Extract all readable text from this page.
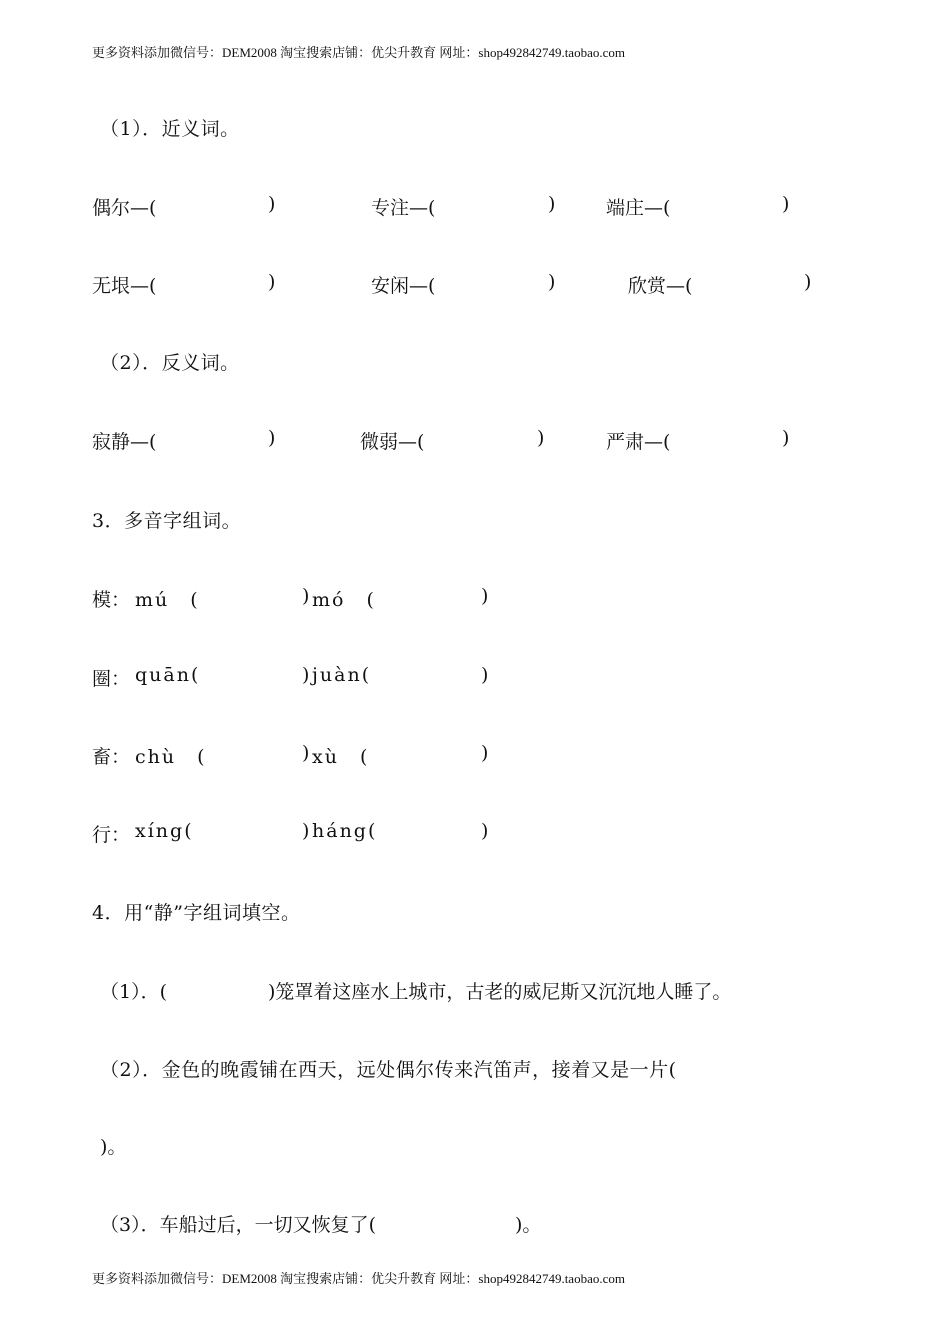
更多资料添加微信号：DEM2008 淘宝搜索店铺：优尖升教育 网址：shop492842749.taobao.com
（1）．近义词。
偶尔—(	)	专注—(	)	端庄—(	)
无垠—(	)	安闲—(	)	欣赏—(	)
（2）．反义词。
寂静—(	)	微弱—(	)	严肃—(	)
3．多音字组词。
模： mú　(	) mó　(	)
圈： quān(	) juàn(	)
畜： chù　(	) xù　(	)
行： xíng(	) háng(	)
4．用“静”字组词填空。
（1）．(	)笼罩着这座水上城市，古老的威尼斯又沉沉地人睡了。
（2）．金色的晚霞铺在西天，远处偶尔传来汽笛声，接着又是一片(
)。
（3）．车船过后，一切又恢复了(	)。
更多资料添加微信号：DEM2008 淘宝搜索店铺：优尖升教育 网址：shop492842749.taobao.com
